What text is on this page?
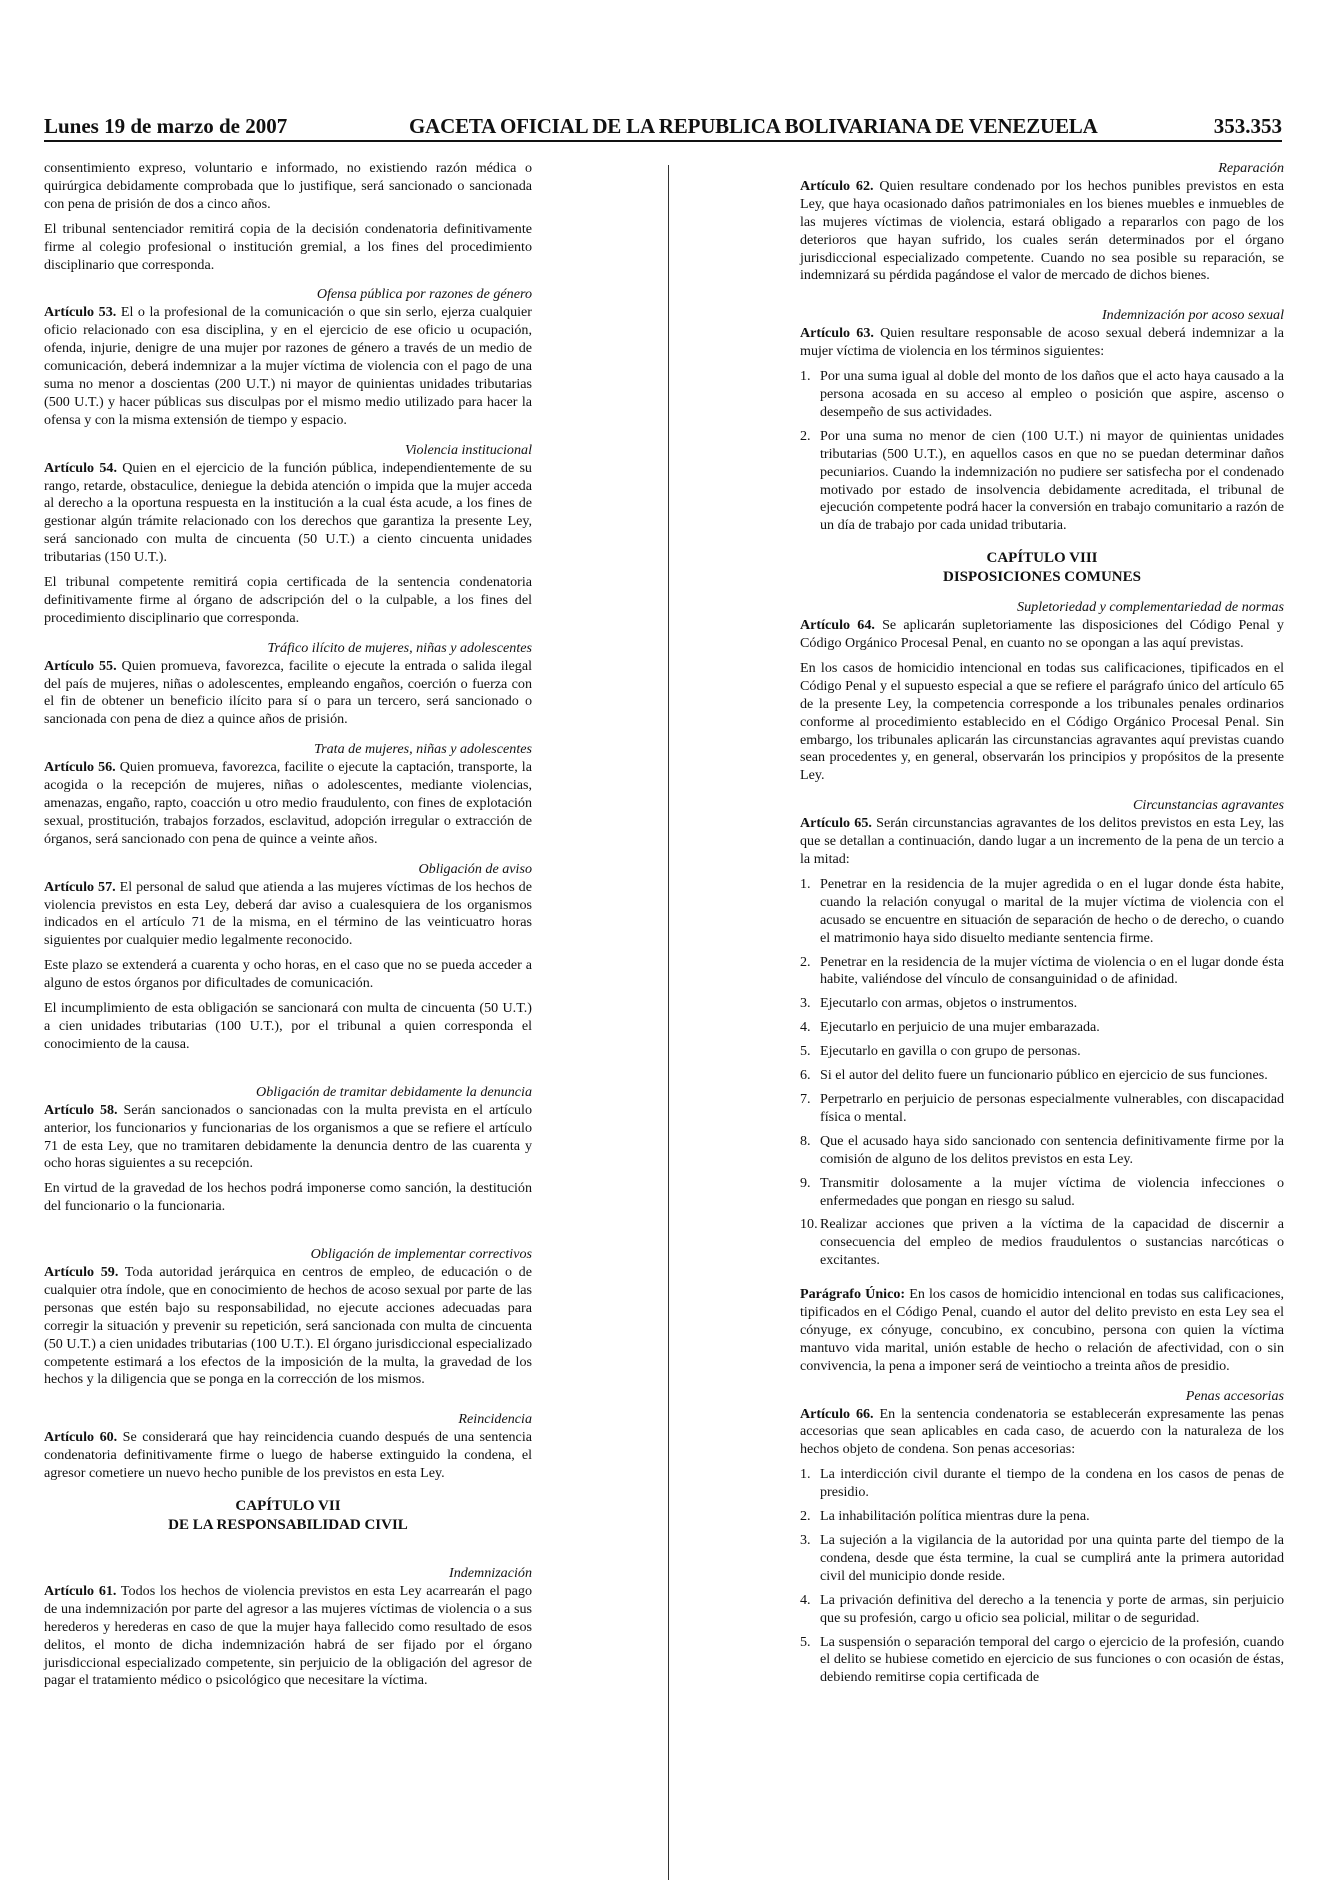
Lunes 19 de marzo de 2007	GACETA OFICIAL DE LA REPUBLICA BOLIVARIANA DE VENEZUELA	353.353

consentimiento expreso, voluntario e informado, no existiendo razón médica o quirúrgica debidamente comprobada que lo justifique, será sancionado o sancionada con pena de prisión de dos a cinco años.

El tribunal sentenciador remitirá copia de la decisión condenatoria definitivamente firme al colegio profesional o institución gremial, a los fines del procedimiento disciplinario que corresponda.

Ofensa pública por razones de género

Artículo 53. El o la profesional de la comunicación o que sin serlo, ejerza cualquier oficio relacionado con esa disciplina, y en el ejercicio de ese oficio u ocupación, ofenda, injurie, denigre de una mujer por razones de género a través de un medio de comunicación, deberá indemnizar a la mujer víctima de violencia con el pago de una suma no menor a doscientas (200 U.T.) ni mayor de quinientas unidades tributarias (500 U.T.) y hacer públicas sus disculpas por el mismo medio utilizado para hacer la ofensa y con la misma extensión de tiempo y espacio.

Violencia institucional

Artículo 54. Quien en el ejercicio de la función pública, independientemente de su rango, retarde, obstaculice, deniegue la debida atención o impida que la mujer acceda al derecho a la oportuna respuesta en la institución a la cual ésta acude, a los fines de gestionar algún trámite relacionado con los derechos que garantiza la presente Ley, será sancionado con multa de cincuenta (50 U.T.) a ciento cincuenta unidades tributarias (150 U.T.).

El tribunal competente remitirá copia certificada de la sentencia condenatoria definitivamente firme al órgano de adscripción del o la culpable, a los fines del procedimiento disciplinario que corresponda.

Tráfico ilícito de mujeres, niñas y adolescentes

Artículo 55. Quien promueva, favorezca, facilite o ejecute la entrada o salida ilegal del país de mujeres, niñas o adolescentes, empleando engaños, coerción o fuerza con el fin de obtener un beneficio ilícito para sí o para un tercero, será sancionado o sancionada con pena de diez a quince años de prisión.

Trata de mujeres, niñas y adolescentes

Artículo 56. Quien promueva, favorezca, facilite o ejecute la captación, transporte, la acogida o la recepción de mujeres, niñas o adolescentes, mediante violencias, amenazas, engaño, rapto, coacción u otro medio fraudulento, con fines de explotación sexual, prostitución, trabajos forzados, esclavitud, adopción irregular o extracción de órganos, será sancionado con pena de quince a veinte años.

Obligación de aviso

Artículo 57. El personal de salud que atienda a las mujeres víctimas de los hechos de violencia previstos en esta Ley, deberá dar aviso a cualesquiera de los organismos indicados en el artículo 71 de la misma, en el término de las veinticuatro horas siguientes por cualquier medio legalmente reconocido.

Este plazo se extenderá a cuarenta y ocho horas, en el caso que no se pueda acceder a alguno de estos órganos por dificultades de comunicación.

El incumplimiento de esta obligación se sancionará con multa de cincuenta (50 U.T.) a cien unidades tributarias (100 U.T.), por el tribunal a quien corresponda el conocimiento de la causa.

Obligación de tramitar debidamente la denuncia

Artículo 58. Serán sancionados o sancionadas con la multa prevista en el artículo anterior, los funcionarios y funcionarias de los organismos a que se refiere el artículo 71 de esta Ley, que no tramitaren debidamente la denuncia dentro de las cuarenta y ocho horas siguientes a su recepción.

En virtud de la gravedad de los hechos podrá imponerse como sanción, la destitución del funcionario o la funcionaria.

Obligación de implementar correctivos

Artículo 59. Toda autoridad jerárquica en centros de empleo, de educación o de cualquier otra índole, que en conocimiento de hechos de acoso sexual por parte de las personas que estén bajo su responsabilidad, no ejecute acciones adecuadas para corregir la situación y prevenir su repetición, será sancionada con multa de cincuenta (50 U.T.) a cien unidades tributarias (100 U.T.). El órgano jurisdiccional especializado competente estimará a los efectos de la imposición de la multa, la gravedad de los hechos y la diligencia que se ponga en la corrección de los mismos.

Reincidencia

Artículo 60. Se considerará que hay reincidencia cuando después de una sentencia condenatoria definitivamente firme o luego de haberse extinguido la condena, el agresor cometiere un nuevo hecho punible de los previstos en esta Ley.

CAPÍTULO VII
DE LA RESPONSABILIDAD CIVIL
Indemnización

Artículo 61. Todos los hechos de violencia previstos en esta Ley acarrearán el pago de una indemnización por parte del agresor a las mujeres víctimas de violencia o a sus herederos y herederas en caso de que la mujer haya fallecido como resultado de esos delitos, el monto de dicha indemnización habrá de ser fijado por el órgano jurisdiccional especializado competente, sin perjuicio de la obligación del agresor de pagar el tratamiento médico o psicológico que necesitare la víctima.

Reparación

Artículo 62. Quien resultare condenado por los hechos punibles previstos en esta Ley, que haya ocasionado daños patrimoniales en los bienes muebles e inmuebles de las mujeres víctimas de violencia, estará obligado a repararlos con pago de los deterioros que hayan sufrido, los cuales serán determinados por el órgano jurisdiccional especializado competente. Cuando no sea posible su reparación, se indemnizará su pérdida pagándose el valor de mercado de dichos bienes.

Indemnización por acoso sexual

Artículo 63. Quien resultare responsable de acoso sexual deberá indemnizar a la mujer víctima de violencia en los términos siguientes:

1. Por una suma igual al doble del monto de los daños que el acto haya causado a la persona acosada en su acceso al empleo o posición que aspire, ascenso o desempeño de sus actividades.
2. Por una suma no menor de cien (100 U.T.) ni mayor de quinientas unidades tributarias (500 U.T.), en aquellos casos en que no se puedan determinar daños pecuniarios. Cuando la indemnización no pudiere ser satisfecha por el condenado motivado por estado de insolvencia debidamente acreditada, el tribunal de ejecución competente podrá hacer la conversión en trabajo comunitario a razón de un día de trabajo por cada unidad tributaria.
CAPÍTULO VIII
DISPOSICIONES COMUNES
Supletoriedad y complementariedad de normas

Artículo 64. Se aplicarán supletoriamente las disposiciones del Código Penal y Código Orgánico Procesal Penal, en cuanto no se opongan a las aquí previstas.

En los casos de homicidio intencional en todas sus calificaciones, tipificados en el Código Penal y el supuesto especial a que se refiere el parágrafo único del artículo 65 de la presente Ley, la competencia corresponde a los tribunales penales ordinarios conforme al procedimiento establecido en el Código Orgánico Procesal Penal. Sin embargo, los tribunales aplicarán las circunstancias agravantes aquí previstas cuando sean procedentes y, en general, observarán los principios y propósitos de la presente Ley.

Circunstancias agravantes

Artículo 65. Serán circunstancias agravantes de los delitos previstos en esta Ley, las que se detallan a continuación, dando lugar a un incremento de la pena de un tercio a la mitad:

1. Penetrar en la residencia de la mujer agredida o en el lugar donde ésta habite, cuando la relación conyugal o marital de la mujer víctima de violencia con el acusado se encuentre en situación de separación de hecho o de derecho, o cuando el matrimonio haya sido disuelto mediante sentencia firme.
2. Penetrar en la residencia de la mujer víctima de violencia o en el lugar donde ésta habite, valiéndose del vínculo de consanguinidad o de afinidad.
3. Ejecutarlo con armas, objetos o instrumentos.
4. Ejecutarlo en perjuicio de una mujer embarazada.
5. Ejecutarlo en gavilla o con grupo de personas.
6. Si el autor del delito fuere un funcionario público en ejercicio de sus funciones.
7. Perpetrarlo en perjuicio de personas especialmente vulnerables, con discapacidad física o mental.
8. Que el acusado haya sido sancionado con sentencia definitivamente firme por la comisión de alguno de los delitos previstos en esta Ley.
9. Transmitir dolosamente a la mujer víctima de violencia infecciones o enfermedades que pongan en riesgo su salud.
10. Realizar acciones que priven a la víctima de la capacidad de discernir a consecuencia del empleo de medios fraudulentos o sustancias narcóticas o excitantes.

Parágrafo Único: En los casos de homicidio intencional en todas sus calificaciones, tipificados en el Código Penal, cuando el autor del delito previsto en esta Ley sea el cónyuge, ex cónyuge, concubino, ex concubino, persona con quien la víctima mantuvo vida marital, unión estable de hecho o relación de afectividad, con o sin convivencia, la pena a imponer será de veintiocho a treinta años de presidio.

Penas accesorias

Artículo 66. En la sentencia condenatoria se establecerán expresamente las penas accesorias que sean aplicables en cada caso, de acuerdo con la naturaleza de los hechos objeto de condena. Son penas accesorias:

1. La interdicción civil durante el tiempo de la condena en los casos de penas de presidio.
2. La inhabilitación política mientras dure la pena.
3. La sujeción a la vigilancia de la autoridad por una quinta parte del tiempo de la condena, desde que ésta termine, la cual se cumplirá ante la primera autoridad civil del municipio donde reside.
4. La privación definitiva del derecho a la tenencia y porte de armas, sin perjuicio que su profesión, cargo u oficio sea policial, militar o de seguridad.
5. La suspensión o separación temporal del cargo o ejercicio de la profesión, cuando el delito se hubiese cometido en ejercicio de sus funciones o con ocasión de éstas, debiendo remitirse copia certificada de
